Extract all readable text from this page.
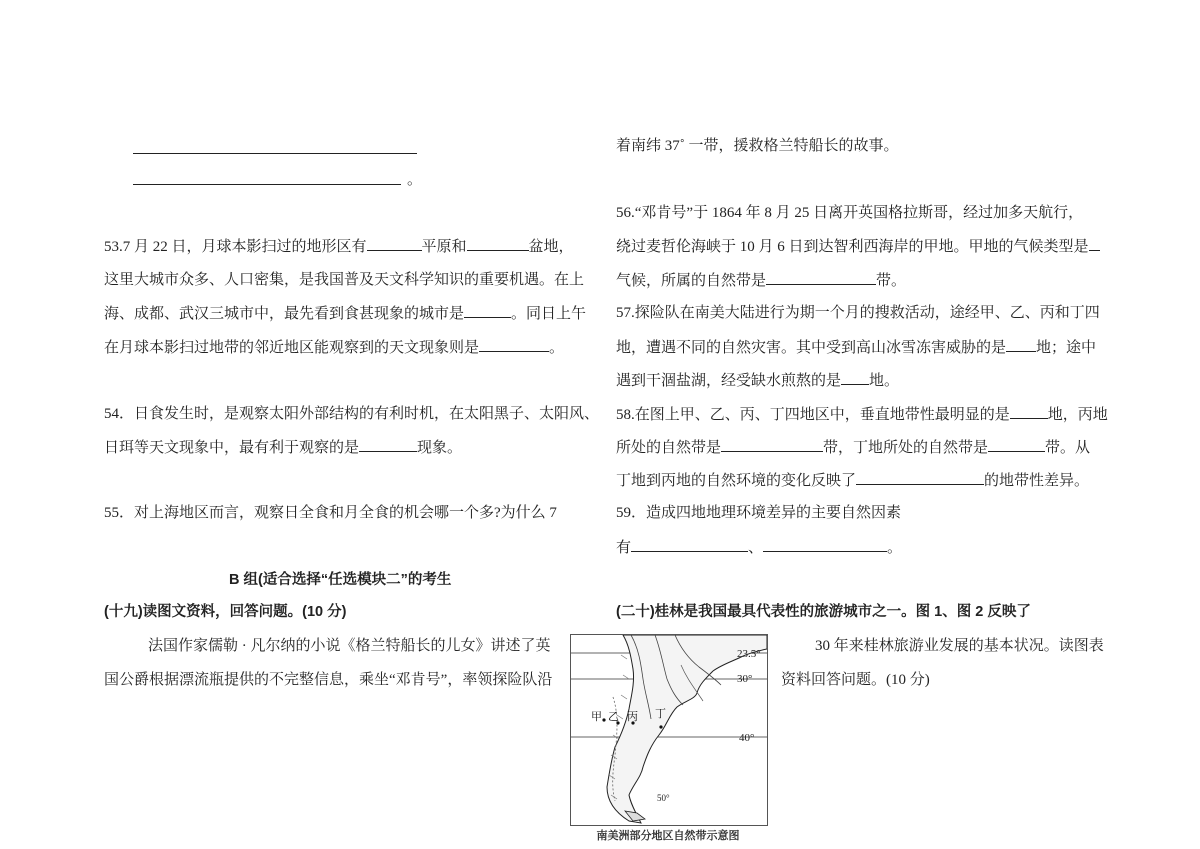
。
53.7 月 22 日，月球本影扫过的地形区有	平原和	盆地，
这里大城市众多、人口密集，是我国普及天文科学知识的重要机遇。在上
海、成都、武汉三城市中，最先看到食甚现象的城市是	。同日上午
在月球本影扫过地带的邻近地区能观察到的天文现象则是	。
54．日食发生时，是观察太阳外部结构的有利时机，在太阳黑子、太阳风、
日珥等天文现象中，最有利于观察的是	现象。
55．对上海地区而言，观察日全食和月全食的机会哪一个多?为什么 7
B 组(适合选择“任选模块二”的考生
(十九)读图文资料，回答问题。(10 分)
法国作家儒勒 · 凡尔纳的小说《格兰特船长的儿女》讲述了英
国公爵根据漂流瓶提供的不完整信息，乘坐“邓肯号”，率领探险队沿
着南纬 37˚ 一带，援救格兰特船长的故事。
56.“邓肯号”于 1864 年 8 月 25 日离开英国格拉斯哥，经过加多天航行，
绕过麦哲伦海峡于 10 月 6 日到达智利西海岸的甲地。甲地的气候类型是
气候，所属的自然带是	带。
57.探险队在南美大陆进行为期一个月的搜救活动，途经甲、乙、丙和丁四
地，遭遇不同的自然灾害。其中受到高山冰雪冻害威胁的是 地；途中
遇到干涸盐湖，经受缺水煎熬的是 地。
58.在图上甲、乙、丙、丁四地区中，垂直地带性最明显的是	地，丙地
所处的自然带是	带，丁地所处的自然带是	带。从
丁地到丙地的自然环境的变化反映了	的地带性差异。
59．造成四地地理环境差异的主要自然因素
有	、	。
(二十)桂林是我国最具代表性的旅游城市之一。图 1、图 2 反映了
30 年来桂林旅游业发展的基本状况。读图表
资料回答问题。(10 分)
甲 乙 丙 丁
23.5°
30°
40°
50°
南美洲部分地区自然带示意图
